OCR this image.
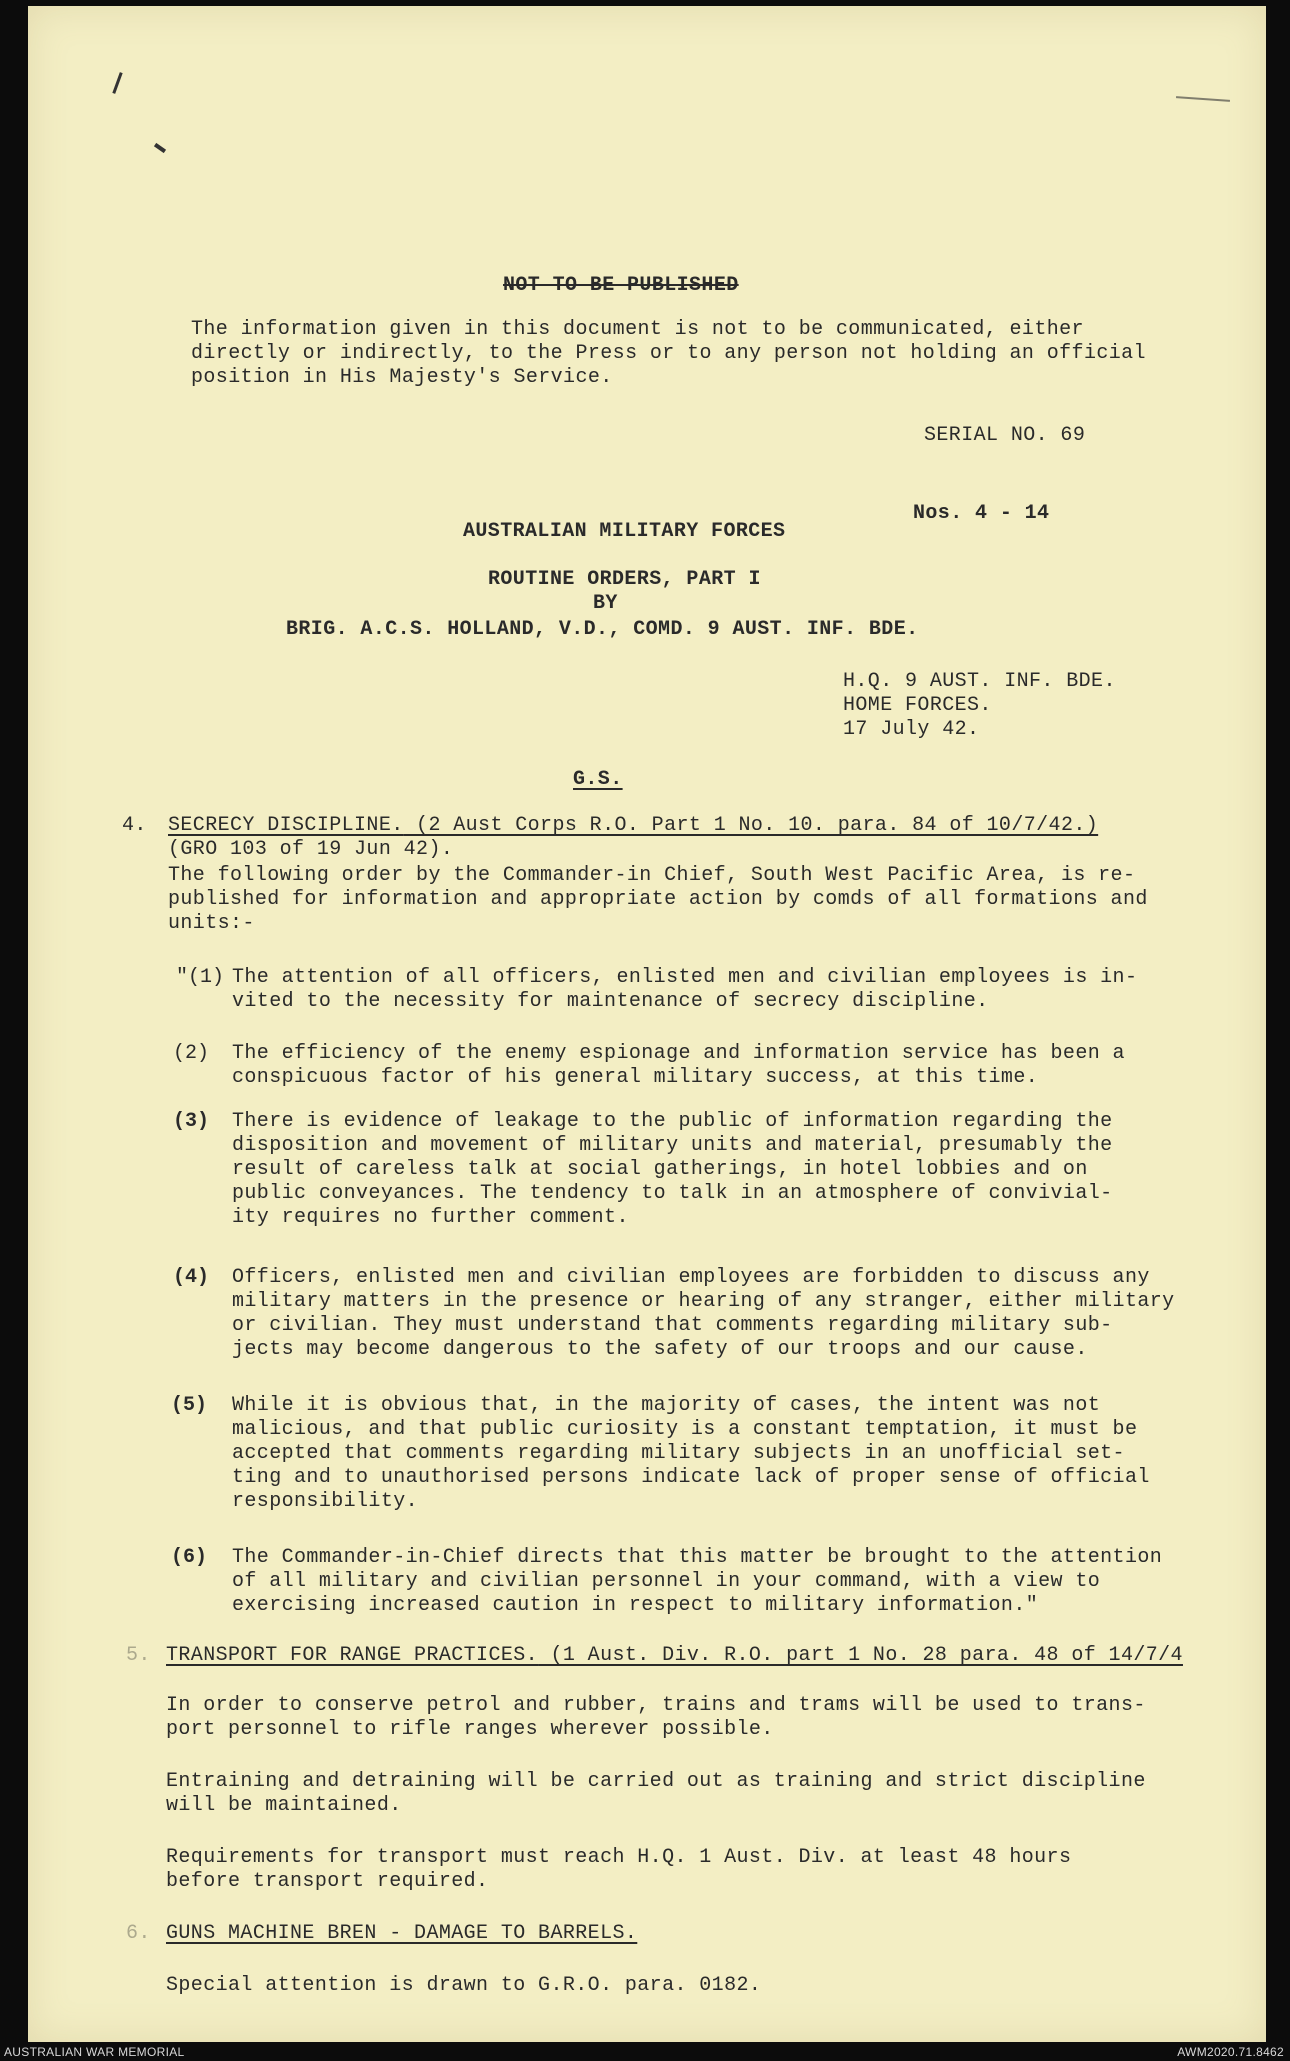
NOT TO BE PUBLISHED
The information given in this document is not to be communicated, either
directly or indirectly, to the Press or to any person not holding an official
position in His Majesty's Service.
SERIAL NO. 69
Nos. 4 - 14
AUSTRALIAN MILITARY FORCES
ROUTINE ORDERS, PART I
BY
BRIG. A.C.S. HOLLAND, V.D., COMD. 9 AUST. INF. BDE.
H.Q. 9 AUST. INF. BDE.
HOME FORCES.
17 July 42.
G.S.
4. SECRECY DISCIPLINE. (2 Aust Corps R.O. Part 1 No. 10. para. 84 of 10/7/42.)
(GRO 103 of 19 Jun 42).
The following order by the Commander-in Chief, South West Pacific Area, is re-
published for information and appropriate action by comds of all formations and
units:-
"(1) The attention of all officers, enlisted men and civilian employees is in-
vited to the necessity for maintenance of secrecy discipline.
(2) The efficiency of the enemy espionage and information service has been a
conspicuous factor of his general military success, at this time.
(3) There is evidence of leakage to the public of information regarding the
disposition and movement of military units and material, presumably the
result of careless talk at social gatherings, in hotel lobbies and on
public conveyances. The tendency to talk in an atmosphere of convivial-
ity requires no further comment.
(4) Officers, enlisted men and civilian employees are forbidden to discuss any
military matters in the presence or hearing of any stranger, either military
or civilian. They must understand that comments regarding military sub-
jects may become dangerous to the safety of our troops and our cause.
(5) While it is obvious that, in the majority of cases, the intent was not
malicious, and that public curiosity is a constant temptation, it must be
accepted that comments regarding military subjects in an unofficial set-
ting and to unauthorised persons indicate lack of proper sense of official
responsibility.
(6) The Commander-in-Chief directs that this matter be brought to the attention
of all military and civilian personnel in your command, with a view to
exercising increased caution in respect to military information."
5. TRANSPORT FOR RANGE PRACTICES. (1 Aust. Div. R.O. part 1 No. 28 para. 48 of 14/7/4
In order to conserve petrol and rubber, trains and trams will be used to trans-
port personnel to rifle ranges wherever possible.
Entraining and detraining will be carried out as training and strict discipline
will be maintained.
Requirements for transport must reach H.Q. 1 Aust. Div. at least 48 hours
before transport required.
6. GUNS MACHINE BREN - DAMAGE TO BARRELS.
Special attention is drawn to G.R.O. para. 0182.
AUSTRALIAN WAR MEMORIAL	AWM2020.71.8462
